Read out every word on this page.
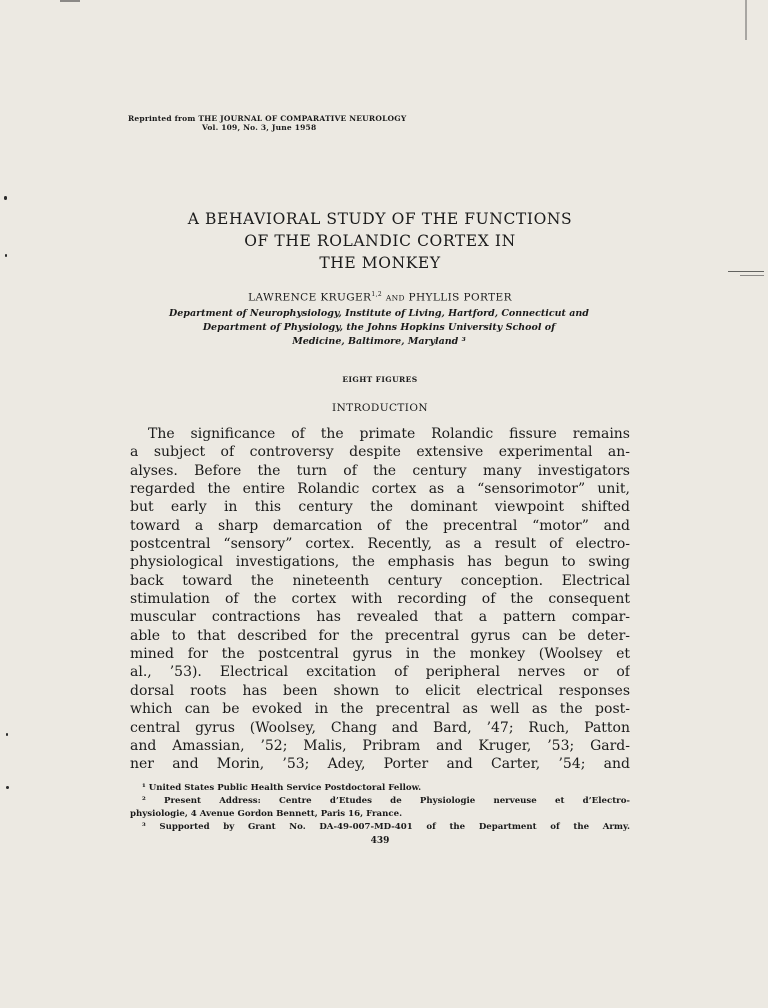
Reprinted from THE JOURNAL OF COMPARATIVE NEUROLOGY
Vol. 109, No. 3, June 1958
A BEHAVIORAL STUDY OF THE FUNCTIONS
OF THE ROLANDIC CORTEX IN
THE MONKEY
LAWRENCE KRUGER$^{1,2}$ AND PHYLLIS PORTER
Department of Neurophysiology, Institute of Living, Hartford, Connecticut and
Department of Physiology, the Johns Hopkins University School of
Medicine, Baltimore, Maryland ³
EIGHT FIGURES
INTRODUCTION
The significance of the primate Rolandic fissure remains
a subject of controversy despite extensive experimental an-
alyses. Before the turn of the century many investigators
regarded the entire Rolandic cortex as a “sensorimotor” unit,
but early in this century the dominant viewpoint shifted
toward a sharp demarcation of the precentral “motor” and
postcentral “sensory” cortex. Recently, as a result of electro-
physiological investigations, the emphasis has begun to swing
back toward the nineteenth century conception. Electrical
stimulation of the cortex with recording of the consequent
muscular contractions has revealed that a pattern compar-
able to that described for the precentral gyrus can be deter-
mined for the postcentral gyrus in the monkey (Woolsey et
al., ’53). Electrical excitation of peripheral nerves or of
dorsal roots has been shown to elicit electrical responses
which can be evoked in the precentral as well as the post-
central gyrus (Woolsey, Chang and Bard, ’47; Ruch, Patton
and Amassian, ’52; Malis, Pribram and Kruger, ’53; Gard-
ner and Morin, ’53; Adey, Porter and Carter, ’54; and
¹ United States Public Health Service Postdoctoral Fellow.
² Present Address: Centre d’Etudes de Physiologie nerveuse et d’Electro-
physiologie, 4 Avenue Gordon Bennett, Paris 16, France.
³ Supported by Grant No. DA-49-007-MD-401 of the Department of the Army.
439
